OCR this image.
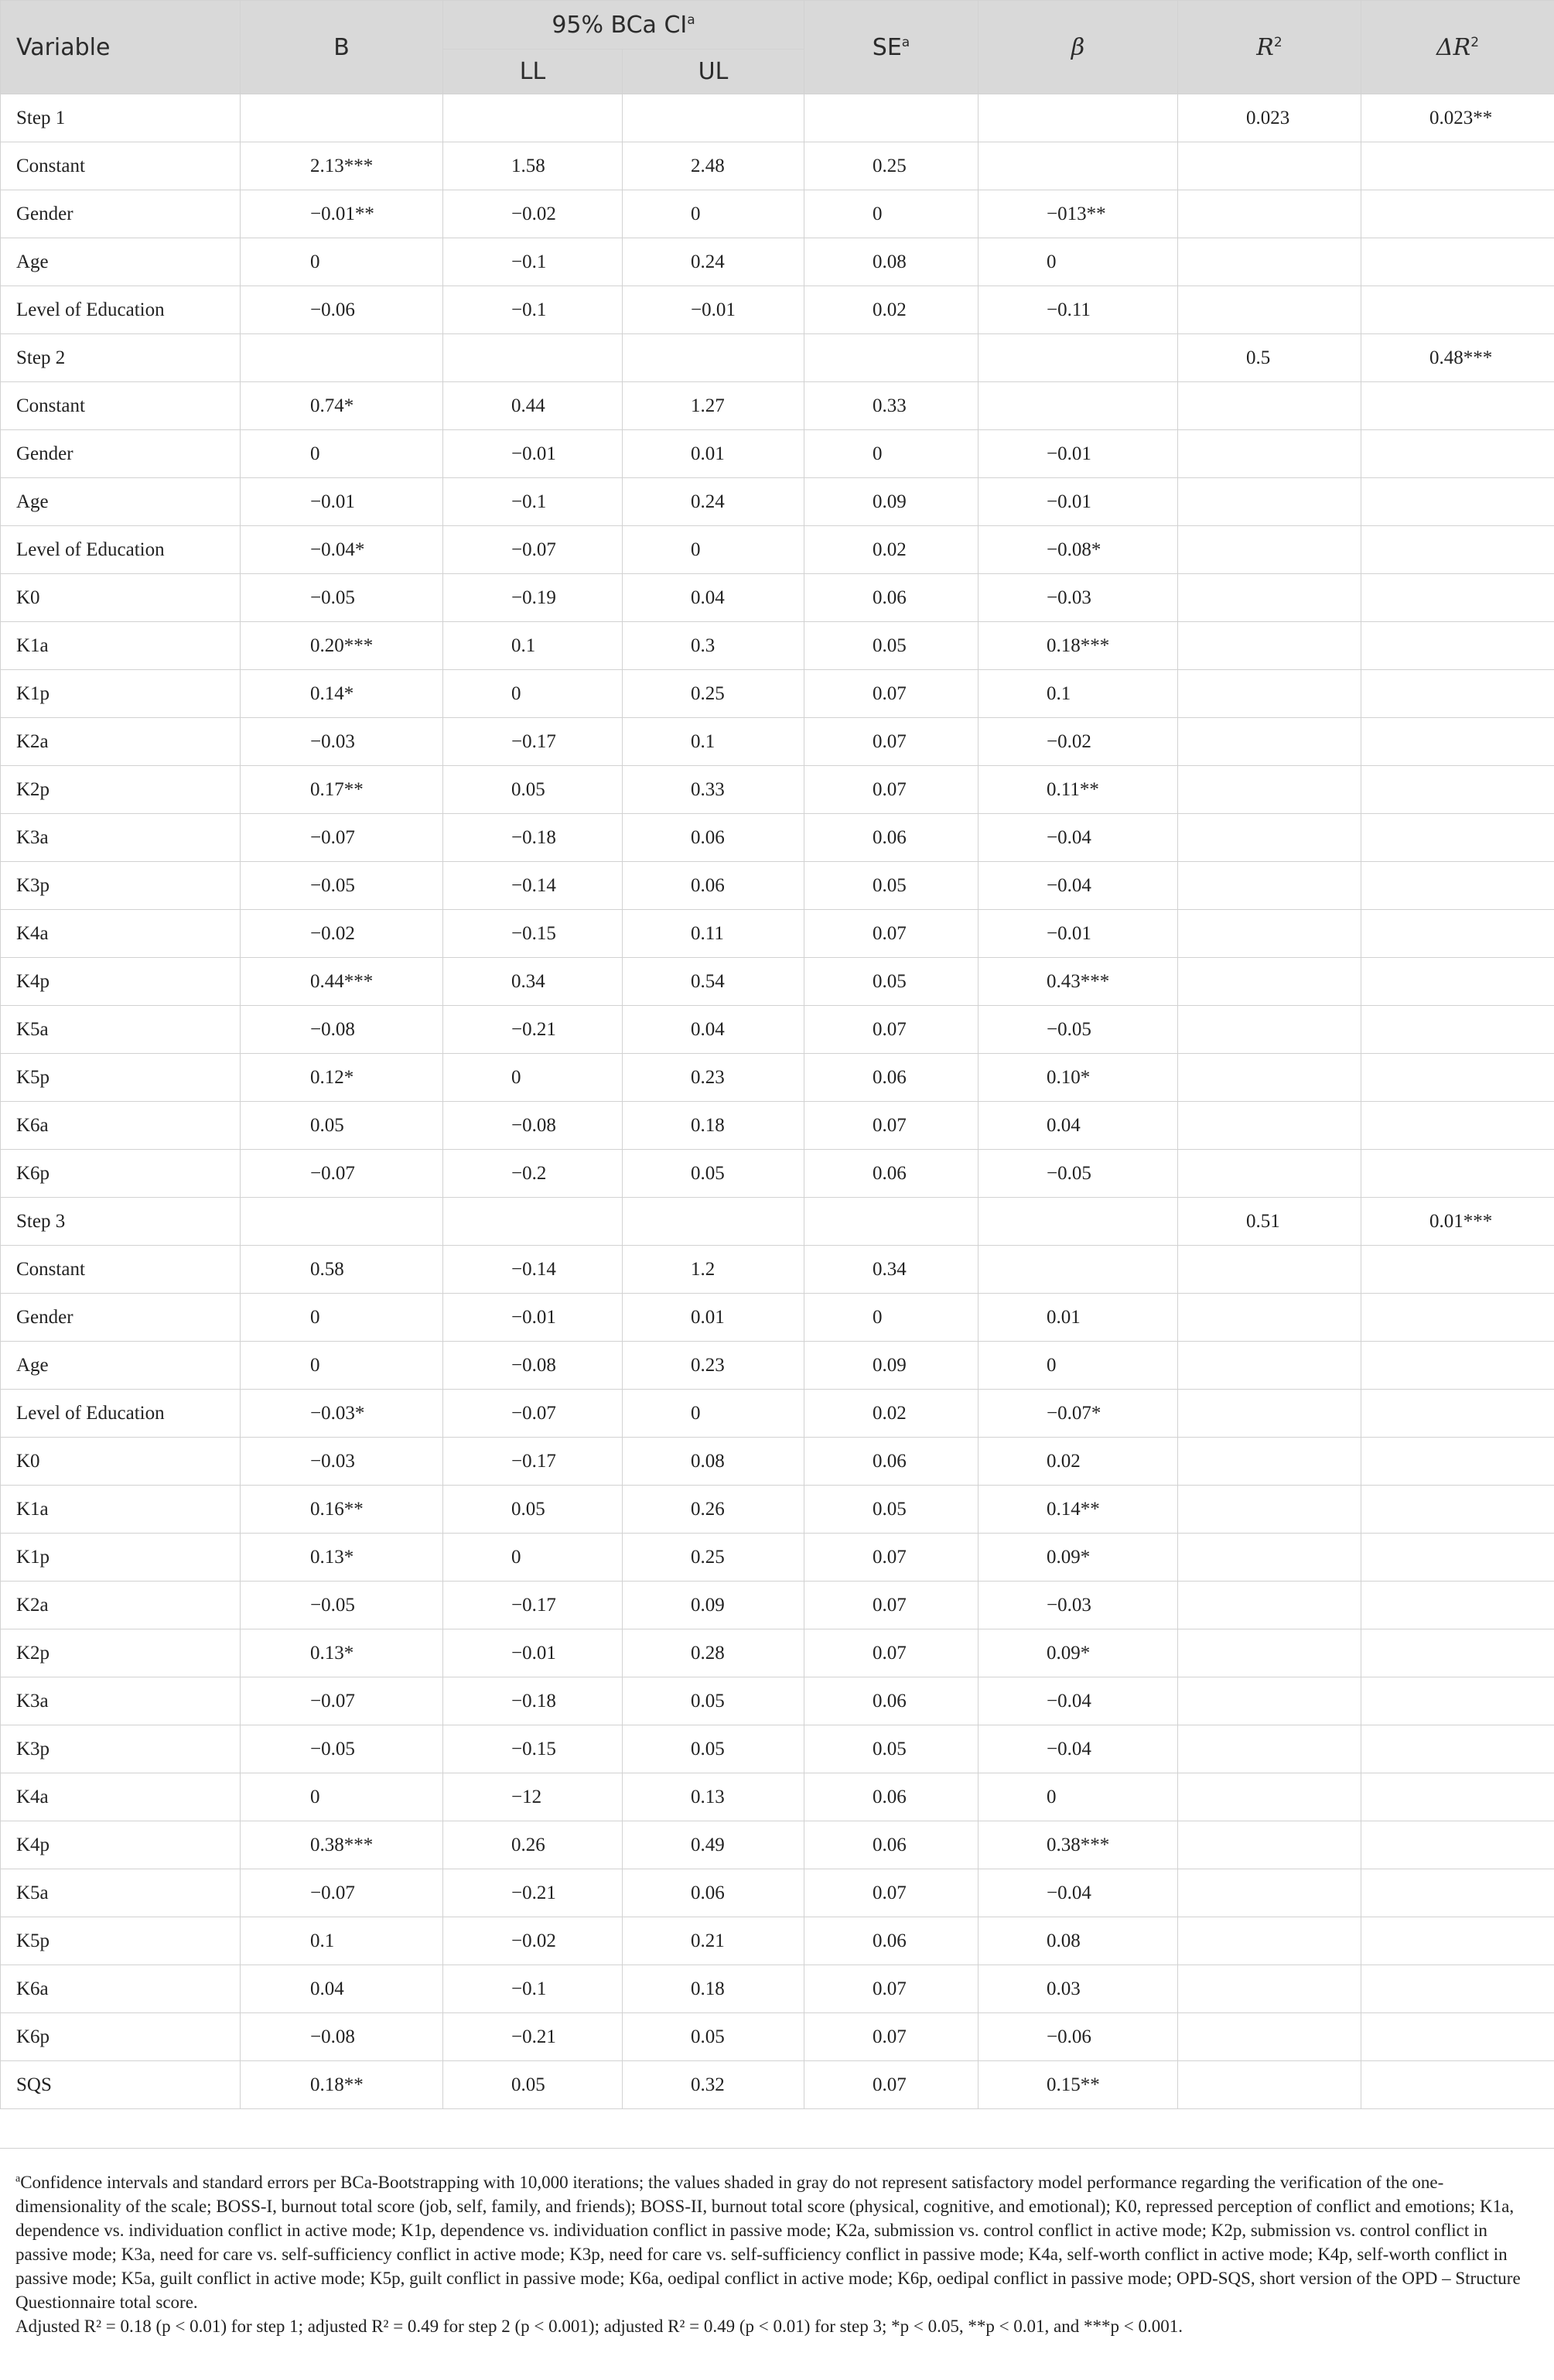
Variable	B	95% BCa $CI^a$		$SE^a$	β	$R^2$	$\Delta R^2$
		LL	UL				
Step 1						0.023	0.023**
Constant	2.13***	1.58	2.48	0.25			
Gender	−0.01**	−0.02	0	0	−013**		
Age	0	−0.1	0.24	0.08	0		
Level of Education	−0.06	−0.1	−0.01	0.02	−0.11		
Step 2						0.5	0.48***
Constant	0.74*	0.44	1.27	0.33			
Gender	0	−0.01	0.01	0	−0.01		
Age	−0.01	−0.1	0.24	0.09	−0.01		
Level of Education	−0.04*	−0.07	0	0.02	−0.08*		
K0	−0.05	−0.19	0.04	0.06	−0.03		
K1a	0.20***	0.1	0.3	0.05	0.18***		
K1p	0.14*	0	0.25	0.07	0.1		
K2a	−0.03	−0.17	0.1	0.07	−0.02		
K2p	0.17**	0.05	0.33	0.07	0.11**		
K3a	−0.07	−0.18	0.06	0.06	−0.04		
K3p	−0.05	−0.14	0.06	0.05	−0.04		
K4a	−0.02	−0.15	0.11	0.07	−0.01		
K4p	0.44***	0.34	0.54	0.05	0.43***		
K5a	−0.08	−0.21	0.04	0.07	−0.05		
K5p	0.12*	0	0.23	0.06	0.10*		
K6a	0.05	−0.08	0.18	0.07	0.04		
K6p	−0.07	−0.2	0.05	0.06	−0.05		
Step 3						0.51	0.01***
Constant	0.58	−0.14	1.2	0.34			
Gender	0	−0.01	0.01	0	0.01		
Age	0	−0.08	0.23	0.09	0		
Level of Education	−0.03*	−0.07	0	0.02	−0.07*		
K0	−0.03	−0.17	0.08	0.06	0.02		
K1a	0.16**	0.05	0.26	0.05	0.14**		
K1p	0.13*	0	0.25	0.07	0.09*		
K2a	−0.05	−0.17	0.09	0.07	−0.03		
K2p	0.13*	−0.01	0.28	0.07	0.09*		
K3a	−0.07	−0.18	0.05	0.06	−0.04		
K3p	−0.05	−0.15	0.05	0.05	−0.04		
K4a	0	−12	0.13	0.06	0		
K4p	0.38***	0.26	0.49	0.06	0.38***		
K5a	−0.07	−0.21	0.06	0.07	−0.04		
K5p	0.1	−0.02	0.21	0.06	0.08		
K6a	0.04	−0.1	0.18	0.07	0.03		
K6p	−0.08	−0.21	0.05	0.07	−0.06		
SQS	0.18**	0.05	0.32	0.07	0.15**		

$^a$Confidence intervals and standard errors per BCa-Bootstrapping with 10,000 iterations; the values shaded in gray do not represent satisfactory model performance regarding the verification of the one-dimensionality of the scale; BOSS-I, burnout total score (job, self, family, and friends); BOSS-II, burnout total score (physical, cognitive, and emotional); K0, repressed perception of conflict and emotions; K1a, dependence vs. individuation conflict in active mode; K1p, dependence vs. individuation conflict in passive mode; K2a, submission vs. control conflict in active mode; K2p, submission vs. control conflict in passive mode; K3a, need for care vs. self-sufficiency conflict in active mode; K3p, need for care vs. self-sufficiency conflict in passive mode; K4a, self-worth conflict in active mode; K4p, self-worth conflict in passive mode; K5a, guilt conflict in active mode; K5p, guilt conflict in passive mode; K6a, oedipal conflict in active mode; K6p, oedipal conflict in passive mode; OPD-SQS, short version of the OPD – Structure Questionnaire total score.

Adjusted R² = 0.18 (p < 0.01) for step 1; adjusted R² = 0.49 for step 2 (p < 0.001); adjusted R² = 0.49 (p < 0.01) for step 3; *p < 0.05, **p < 0.01, and ***p < 0.001.
